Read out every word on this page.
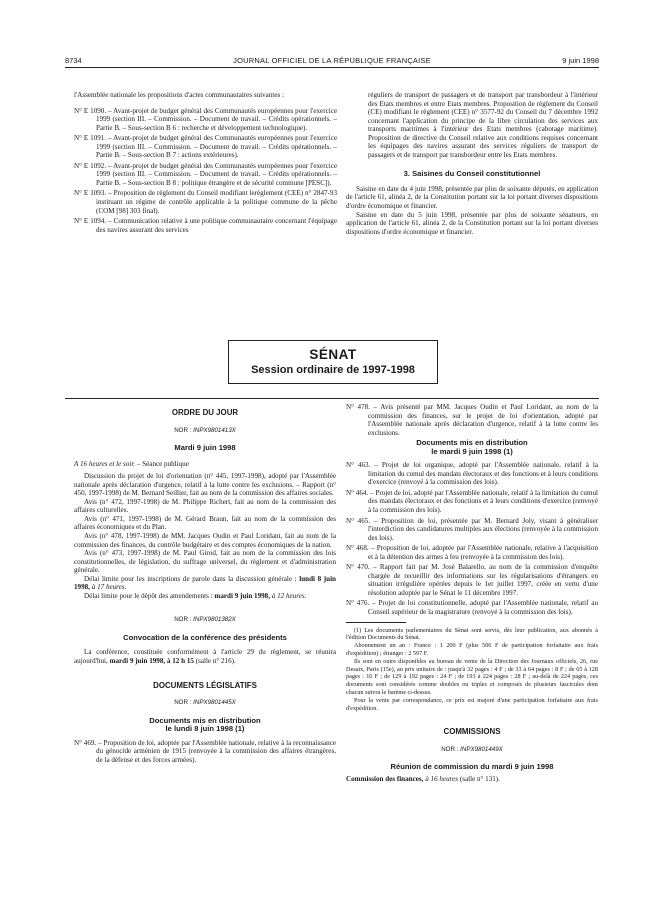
8734	JOURNAL OFFICIEL DE LA RÉPUBLIQUE FRANÇAISE	9 juin 1998

l'Assemblée nationale les propositions d'actes communautaires suivantes :

N° E 1090. – Avant-projet de budget général des Communautés européennes pour l'exercice 1999 (section III. – Commission. – Document de travail. – Crédits opérationnels. – Partie B. – Sous-section B 6 : recherche et développement technologique).
N° E 1091. – Avant-projet de budget général des Communautés européennes pour l'exercice 1999 (section III. – Commission. – Document de travail. – Crédits opérationnels. – Partie B. – Sous-section B 7 : actions extérieures).
N° E 1092. – Avant-projet de budget général des Communautés européennes pour l'exercice 1999 (section III. – Commission. – Document de travail. – Crédits opérationnels. – Partie B. – Sous-section B 8 : politique étrangère et de sécurité commune [PESC]).
N° E 1093. – Proposition de règlement du Conseil modifiant lerèglement (CEE) n° 2847-93 instituant un régime de contrôle applicable à la politique commune de la pêche (COM [98] 303 final).
N° E 1094. – Communication relative à une politique communautaire concernant l'équipage des navires assurant des services

réguliers de transport de passagers et de transport par transbordeur à l'intérieur des Etats membres et entre Etats membres. Proposition de règlement du Conseil (CE) modifiant le règlement (CEE) n° 3577-92 du Conseil du 7 décembre 1992 concernant l'application du principe de la libre circulation des services aux transports maritimes à l'intérieur des Etats membres (cabotage maritime). Proposition de directive du Conseil relative aux conditions requises concernant les équipages des navires assurant des services réguliers de transport de passagers et de transport par transbordeur entre les Etats membres.

3. Saisines du Conseil constitutionnel

Saisine en date du 4 juin 1998, présentée par plus de soixante députés, en application de l'article 61, alinéa 2, de la Constitution portant sur la loi portant diverses dispositions d'ordre économique et financier.

Saisine en date du 5 juin 1998, présentée par plus de soixante sénateurs, en application de l'article 61, alinéa 2, de la Constitution portant sur la loi portant diverses dispositions d'ordre économique et financier.

SÉNAT
Session ordinaire de 1997-1998
ORDRE DU JOUR
NOR : INPX9801413X
Mardi 9 juin 1998

A 16 heures et le soir. – Séance publique

Discussion du projet de loi d'orientation (n° 445, 1997-1998), adopté par l'Assemblée nationale après déclaration d'urgence, relatif à la lutte contre les exclusions. – Rapport (n° 450, 1997-1998) de M. Bernard Seillier, fait au nom de la commission des affaires sociales.

Avis (n° 472, 1997-1998) de M. Philippe Richert, fait au nom de la commission des affaires culturelles.

Avis (n° 471, 1997-1998) de M. Gérard Braun, fait au nom de la commission des affaires économiques et du Plan.

Avis (n° 478, 1997-1998) de MM. Jacques Oudin et Paul Loridant, fait au nom de la commission des finances, du contrôle budgétaire et des comptes économiques de la nation.

Avis (n° 473, 1997-1998) de M. Paul Girod, fait au nom de la commission des lois constitutionnelles, de législation, du suffrage universel, du règlement et d'administration générale.

Délai limite pour les inscriptions de parole dans la discussion générale : lundi 8 juin 1998, à 17 heures.

Délai limite pour le dépôt des amendements : mardi 9 juin 1998, à 12 heures.

NOR : INPX9801382X
Convocation de la conférence des présidents

La conférence, constituée conformément à l'article 29 du règlement, se réunira aujourd'hui, mardi 9 juin 1998, à 12 h 15 (salle n° 216).

DOCUMENTS LÉGISLATIFS
NOR : INPX9801445X
Documents mis en distribution
le lundi 8 juin 1998 (1)
N° 469. – Proposition de loi, adoptée par l'Assemblée nationale, relative à la reconnaissance du génocide arménien de 1915 (renvoyée à la commission des affaires étrangères, de la défense et des forces armées).
N° 478. – Avis présenté par MM. Jacques Oudin et Paul Loridant, au nom de la commission des finances, sur le projet de loi d'orientation, adopté par l'Assemblée nationale après déclaration d'urgence, relatif à la lutte contre les exclusions.
Documents mis en distribution
le mardi 9 juin 1998 (1)
N° 463. – Projet de loi organique, adopté par l'Assemblée nationale, relatif à la limitation du cumul des mandats électoraux et des fonctions et à leurs conditions d'exercice (renvoyé à la commission des lois).
N° 464. – Projet de loi, adopté par l'Assemblée nationale, relatif à la limitation du cumul des mandats électoraux et des fonctions et à leurs conditions d'exercice (renvoyé à la commission des lois).
N° 465. – Proposition de loi, présentée par M. Bernard Joly, visant à généraliser l'interdiction des candidatures multiples aux élections (renvoyée à la commission des lois).
N° 468. – Proposition de loi, adoptée par l'Assemblée nationale, relative à l'acquisition et à la détention des armes à feu (renvoyée à la commission des lois).
N° 470. – Rapport fait par M. José Balarello, au nom de la commission d'enquête chargée de recueillir des informations sur les régularisations d'étrangers en situation irrégulière opérées depuis le 1er juillet 1997, créée en vertu d'une résolution adoptée par le Sénat le 11 décembre 1997.
N° 476. – Projet de loi constitutionnelle, adopté par l'Assemblée nationale, relatif au Conseil supérieur de la magistrature (renvoyé à la commission des lois).

(1) Les documents parlementaires du Sénat sont servis, dès leur publication, aux abonnés à l'édition Documents du Sénat.

Abonnement un an : France : 1 200 F (plus 506 F de participation forfaitaire aux frais d'expédition) ; étranger : 2 597 F.

Ils sont en outre disponibles au bureau de vente de la Direction des Journaux officiels, 26, rue Desaix, Paris (15e), au prix unitaire de : jusqu'à 32 pages : 4 F ; de 33 à 64 pages : 8 F ; de 65 à 128 pages : 16 F ; de 129 à 192 pages : 24 F ; de 193 à 224 pages : 28 F ; au-delà de 224 pages, ces documents sont considérés comme doubles ou triples et composés de plusieurs fascicules dont chacun suivra le barème ci-dessus.

Pour la vente par correspondance, ce prix est majoré d'une participation forfaitaire aux frais d'expédition.

COMMISSIONS
NOR : INPX9801449X
Réunion de commission du mardi 9 juin 1998

Commission des finances, à 16 heures (salle n° 131).
